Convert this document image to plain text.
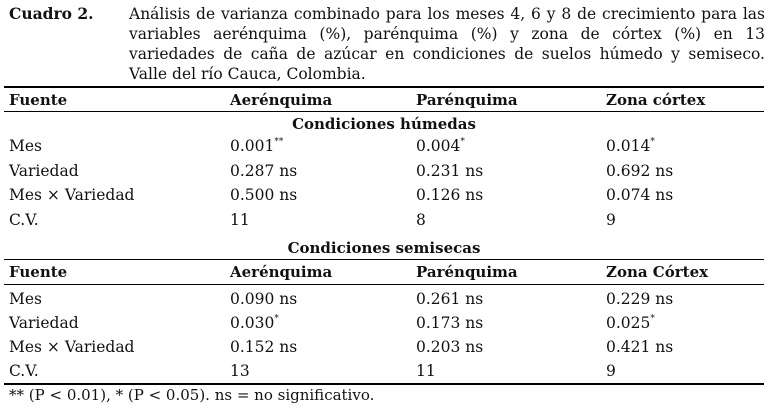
Cuadro 2. Análisis de varianza combinado para los meses 4, 6 y 8 de crecimiento para las variables aerénquima (%), parénquima (%) y zona de córtex (%) en 13 variedades de caña de azúcar en condiciones de suelos húmedo y semiseco. Valle del río Cauca, Colombia.
Fuente	Aerénquima	Parénquima	Zona córtex
Condiciones húmedas
Mes	0.001**	0.004*	0.014*
Variedad	0.287 ns	0.231 ns	0.692 ns
Mes × Variedad	0.500 ns	0.126 ns	0.074 ns
C.V.	11	8	9
Condiciones semisecas
Fuente	Aerénquima	Parénquima	Zona Córtex
Mes	0.090 ns	0.261 ns	0.229 ns
Variedad	0.030*	0.173 ns	0.025*
Mes × Variedad	0.152 ns	0.203 ns	0.421 ns
C.V.	13	11	9
** (P < 0.01), * (P < 0.05). ns = no significativo.
